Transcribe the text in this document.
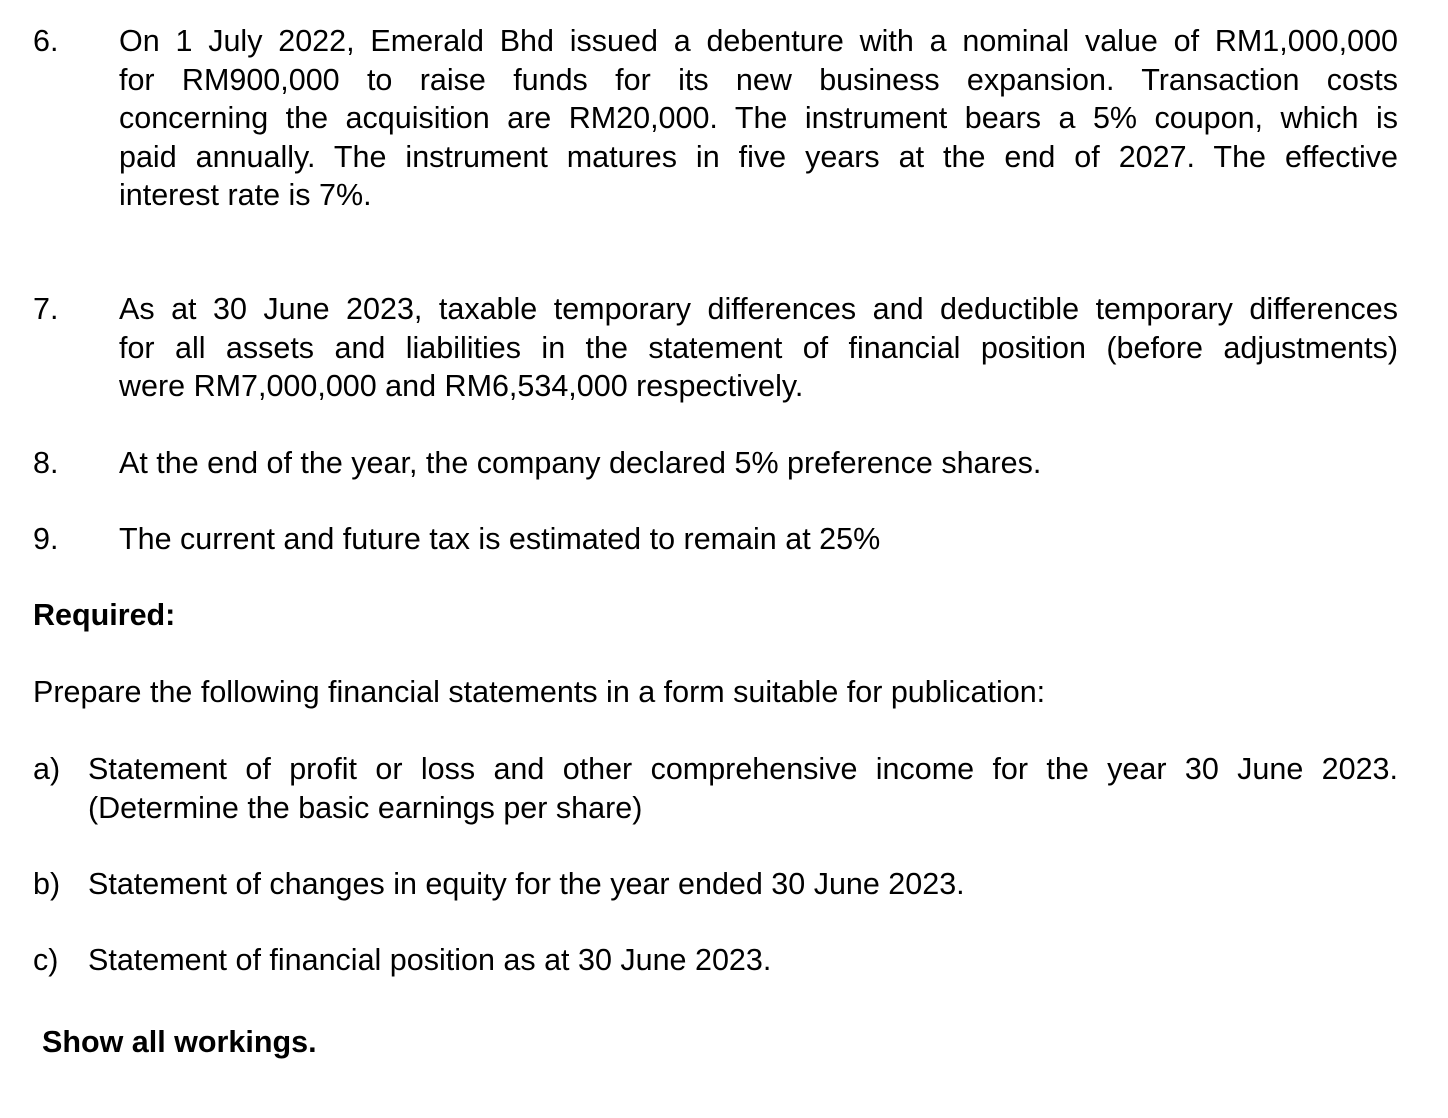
6.	On 1 July 2022, Emerald Bhd issued a debenture with a nominal value of RM1,000,000
for RM900,000 to raise funds for its new business expansion. Transaction costs
concerning the acquisition are RM20,000. The instrument bears a 5% coupon, which is
paid annually. The instrument matures in five years at the end of 2027. The effective
interest rate is 7%.
7.	As at 30 June 2023, taxable temporary differences and deductible temporary differences
for all assets and liabilities in the statement of financial position (before adjustments)
were RM7,000,000 and RM6,534,000 respectively.
8.	At the end of the year, the company declared 5% preference shares.
9.	The current and future tax is estimated to remain at 25%
Required:
Prepare the following financial statements in a form suitable for publication:
a) Statement of profit or loss and other comprehensive income for the year 30 June 2023.
(Determine the basic earnings per share)
b) Statement of changes in equity for the year ended 30 June 2023.
c) Statement of financial position as at 30 June 2023.
Show all workings.
